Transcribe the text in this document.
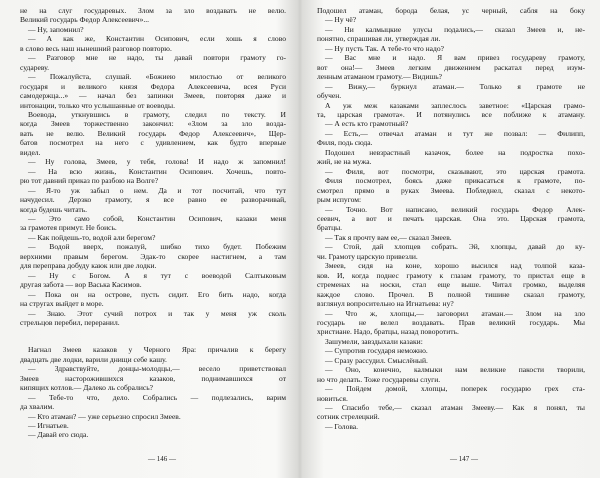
не на слуг государевых. Злом за зло воздавать не велю.
Великий государь Федор Алексеевич»...
— Ну, запомнил?
— А как же, Константин Осипович, если хошь я слово
в слово весь наш нынешний разговор повторю.
— Разговор мне не надо, ты давай повтори грамоту го-
судареву.
— Пожалуйста, слушай. «Божиею милостью от великого
государя и великого князя Федора Алексеевича, всея Руси
самодержца...» — начал без запинки Змеев, повторяя даже и
интонации, только что услышанные от воеводы.
Воевода, уткнувшись в грамоту, следил по тексту. И
когда Змеев торжественно закончил: «Злом за зло возда-
вать не велю. Великий государь Федор Алексеевич», Щер-
батов посмотрел на него с удивлением, как будто впервые
видел.
— Ну голова, Змеев, у тебя, голова! И надо ж запомнил!
— На всю жизнь, Константин Осипович. Хочешь, повто-
рю тот давний приказ по разбою на Волге?
— Я-то уж забыл о нем. Да и тот посчитай, что тут
начудесил. Дерзко грамоту, я все равно ее разворачивай,
когда будешь читать.
— Это само собой, Константин Осипович, казаки меня
за грамотея примут. Не боись.
— Как пойдешь-то, водой али берегом?
— Водой вверх, пожалуй, шибко тихо будет. Побежим
верхними правым берегом. Эдак-то скорее настигнем, а там
для переправа добуду каюк или две лодки.
— Ну с Богом. А я тут с воеводой Салтыковым
другая забота — вор Васька Касимов.
— Пока он на острове, пусть сидит. Его бить надо, когда
на стругах выйдет в море.
— Знаю. Этот сучий потрох и так у меня уж сколь
стрельцов перебил, переранил.
Нагнал Змеев казаков у Черного Яра: причалив к берегу
двадцать две лодки, варили днищи себе кашу.
— Здравствуйте, донцы-молодцы,— весело приветствовал
Змеев насторожившихся казаков, поднимавшихся от
кипящих котлов.— Далеко ль собрались?
— Тебе-то что, дело. Собрались — подлезались, варим
да хвалим.
— Кто атаман? — уже серьезно спросил Змеев.
— Игнатьев.
— Давай его сюда.
Подошел атаман, борода белая, ус черный, сабля на боку
— Ну чё?
— Ни калмыцкие улусы подались,— сказал Змеев и, не-
понятно, спрашивая ли, утверждая ли.
— Ну пусть Так. А тебе-то что надо?
— Вас мне и надо. Я вам привез государеву грамоту,
вот она!— Змеев легким движением раскатал перед изум-
ленным атаманом грамоту.— Видишь?
— Вижу,— буркнул атаман.— Только я грамоте не
обучен.
А уж меж казаками заплеслось заветное: «Царская грамо-
та, царская грамота». И потянулись все поближе к атаману.
— А есть кто грамотный?
— Есть,— отвечал атаман и тут же позвал: — Филипп,
Филя, подь сюда.
Подошел невзрастный казачок, более на подростка похо-
жий, не на мужа.
— Филя, вот посмотри, сказывают, это царская грамота.
Филя посмотрел, боясь даже прикасаться к грамоте, по-
смотрел прямо в руках Змеева. Побледнел, сказал с некото-
рым испугом:
— Точно. Вот написано, великий государь Федор Алек-
сеевич, а вот и печать царская. Она это. Царская грамота,
братцы.
— Так я прочту вам ее,— сказал Змеев.
— Стой, дай хлопцев собрать. Эй, хлопцы, давай до ку-
чи. Грамоту царскую привезли.
Змеев, сидя на коне, хорошо высился над толпой каза-
ков. И, когда поднес грамоту к глазам грамоту, то пристал еще в
стременах на носки, стал еще выше. Читал громко, выделяя
каждое слово. Прочел. В полной тишине сказал грамоту,
взглянул вопросительно на Игнатьева: ну?
— Что ж, хлопцы,— заговорил атаман.— Злом на зло
государь не велел воздавать. Прав великий государь. Мы
христиане. Надо, братцы, назад поворотить.
Зашумели, завздыхали казаки:
— Супротив государя неможно.
— Сразу рассудил. Смыслёный.
— Оно, конечно, калмыки нам великие пакости творили,
но что делать. Тоже государевы слуги.
— Пойдем домой, хлопцы, поперек государю грех ста-
новиться.
— Спасибо тебе,— сказал атаман Змееву.— Как я понял, ты
сотник стрелецкий.
— Голова.
— 146 —	— 147 —
